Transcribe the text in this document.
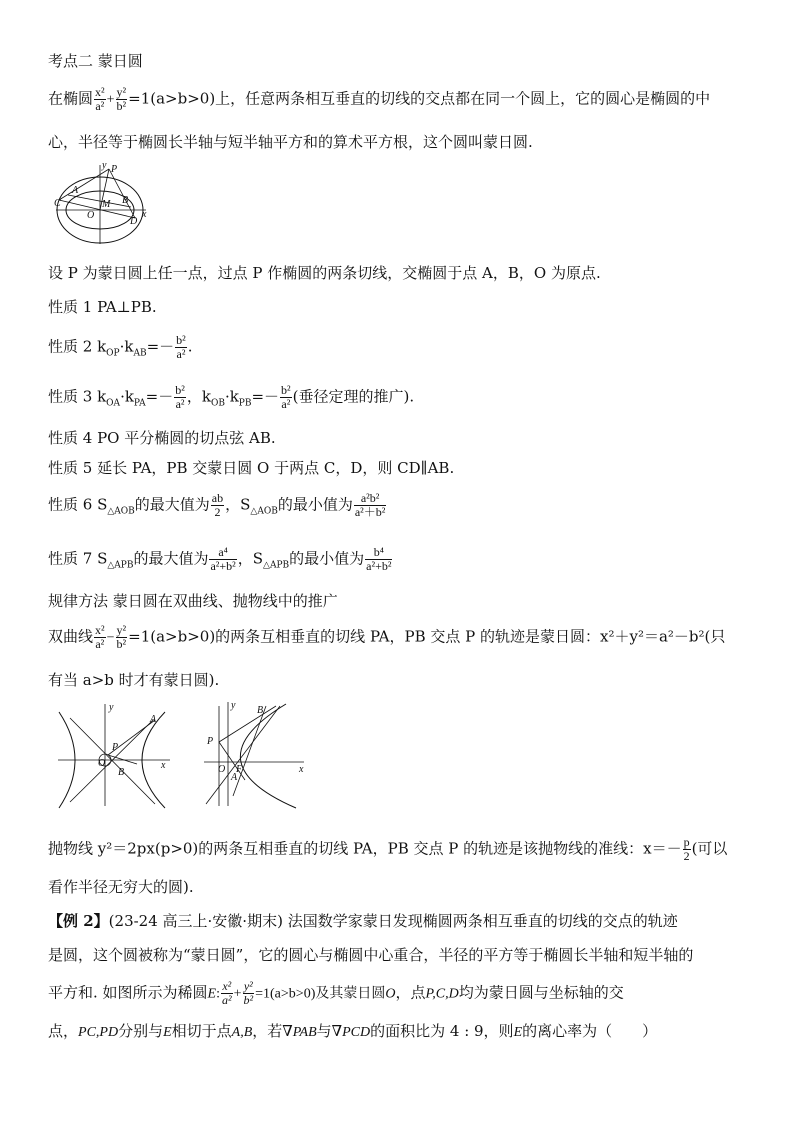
考点二 蒙日圆
在椭圆 $\frac{\text{x²}}{\text{a²}} + \frac{\text{y²}}{\text{b²}} =1(a>b>0)$上，任意两条相互垂直的切线的交点都在同一个圆上，它的圆心是椭圆的中
心，半径等于椭圆长半轴与短半轴平方和的算术平方根，这个圆叫蒙日圆.
y P
A
C	M B
O	x
D
设 P 为蒙日圆上任一点，过点 P 作椭圆的两条切线，交椭圆于点 A，B，O 为原点.
性质 1 PA⊥PB.
性质 2 $k_{OP}\cdot k_{AB}=- \frac{\text{b²}}{\text{a²}}$ .
性质 3 $k_{OA}\cdot k_{PA}=- \frac{\text{b²}}{\text{a²}}$ ，$k_{OB}\cdot k_{PB}=- \frac{\text{b²}}{\text{a²}}$ (垂径定理的推广).
性质 4 PO 平分椭圆的切点弦 AB.
性质 5 延长 PA，PB 交蒙日圆 O 于两点 C，D，则 CD∥AB.
性质 6 $S_{\triangle AOB}$的最大值为 $\frac{ab}{2}$ ，$S_{\triangle AOB}$的最小值为 $\frac{\text{a²b²}}{\text{a²＋b²}}$
性质 7 $S_{\triangle APB}$的最大值为 $\frac{\text{a⁴}}{\text{a²+b²}}$ ，$S_{\triangle APB}$的最小值为 $\frac{\text{b⁴}}{\text{a²+b²}}$
规律方法 蒙日圆在双曲线、抛物线中的推广
双曲线 $\frac{\text{x²}}{\text{a²}} - \frac{\text{y²}}{\text{b²}} =1(a>b>0)$的两条互相垂直的切线 PA，PB 交点 P 的轨迹是蒙日圆：x²＋y²＝a²－b²(只
有当 a>b 时才有蒙日圆).
y
A
P
O
B
x
y B
P
O F
A
x
抛物线 y²＝2px(p>0)的两条互相垂直的切线 PA，PB 交点 P 的轨迹是该抛物线的准线：$x=- \frac{p}{2}$ (可以
看作半径无穷大的圆).
【例 2】(23-24 高三上·安徽·期末) 法国数学家蒙日发现椭圆两条相互垂直的切线的交点的轨迹
是圆，这个圆被称为“蒙日圆”，它的圆心与椭圆中心重合，半径的平方等于椭圆长半轴和短半轴的
平方和. 如图所示为稀圆E: $\frac{\text{x²}}{\text{a²}} + \frac{\text{y²}}{\text{b²}} =1(a>b>0)$及其蒙日圆O，点P,C,D均为蒙日圆与坐标轴的交
点，PC,PD分别与E相切于点A,B，若∇PAB与∇PCD的面积比为 4 : 9，则E的离心率为（　　）
